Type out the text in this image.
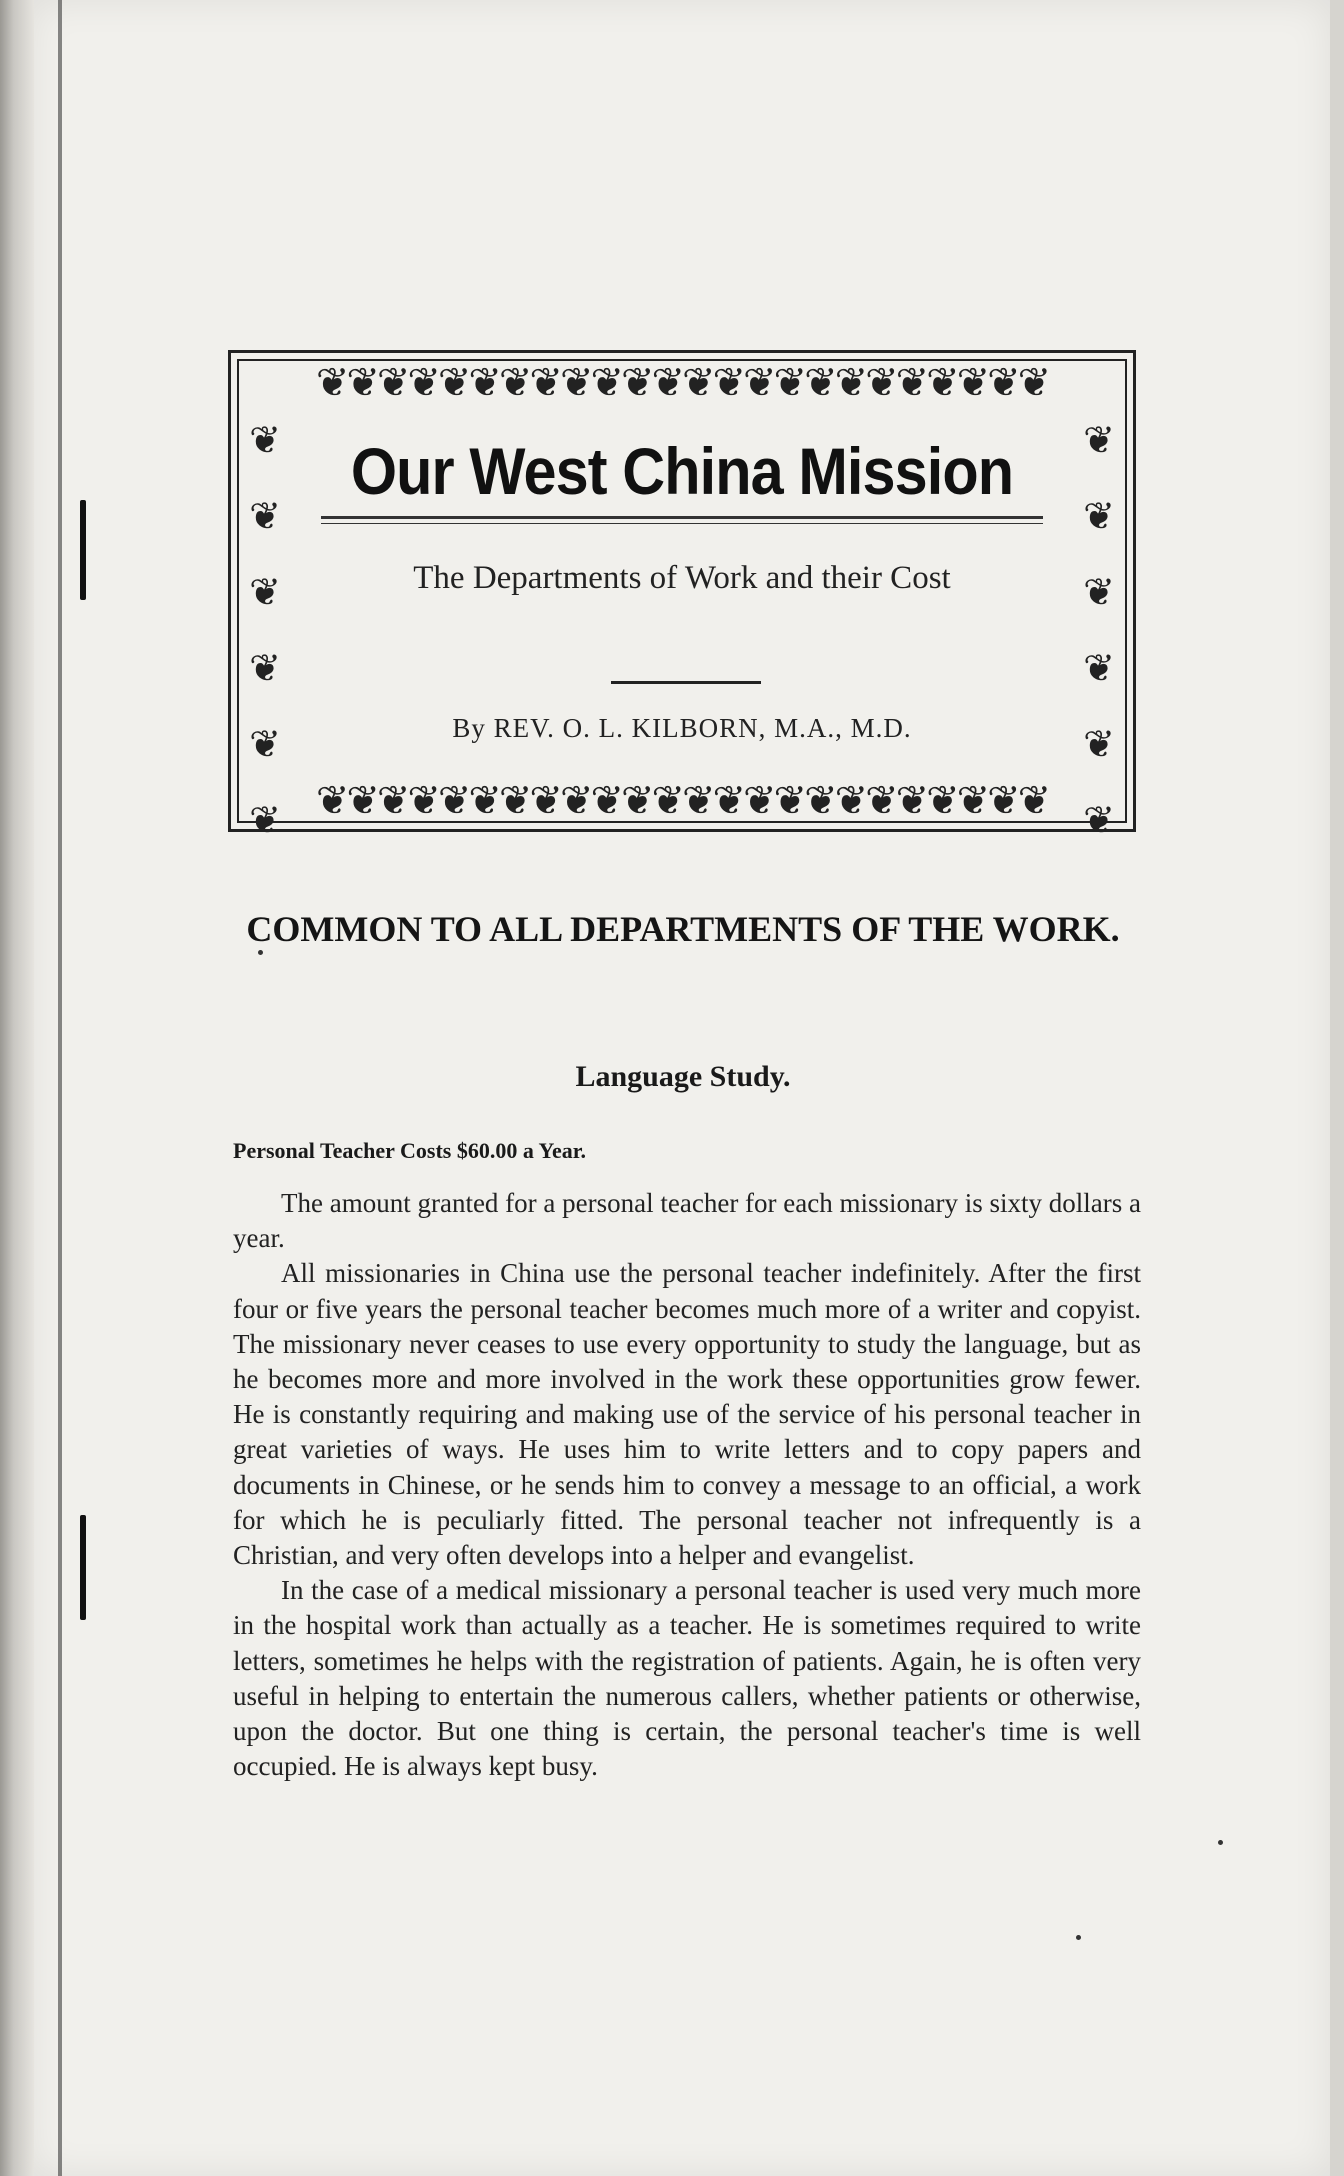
❦❦❦❦❦❦❦❦❦❦❦❦❦❦❦❦❦❦❦❦❦❦❦❦
❦❦❦❦❦❦❦❦❦❦❦❦❦❦❦❦❦❦❦❦❦❦❦❦
❦❦❦❦❦❦
❦❦❦❦❦❦
Our West China Mission
The Departments of Work and their Cost
By REV. O. L. KILBORN, M.A., M.D.
COMMON TO ALL DEPARTMENTS OF THE WORK.
Language Study.
Personal Teacher Costs $60.00 a Year.

The amount granted for a personal teacher for each missionary is sixty dollars a year.

All missionaries in China use the personal teacher indefinitely. After the first four or five years the personal teacher becomes much more of a writer and copyist. The missionary never ceases to use every opportunity to study the language, but as he becomes more and more involved in the work these opportunities grow fewer. He is constantly requiring and making use of the service of his personal teacher in great varieties of ways. He uses him to write letters and to copy papers and documents in Chinese, or he sends him to convey a message to an official, a work for which he is peculiarly fitted. The personal teacher not infrequently is a Christian, and very often develops into a helper and evangelist.

In the case of a medical missionary a personal teacher is used very much more in the hospital work than actually as a teacher. He is sometimes required to write letters, sometimes he helps with the registration of patients. Again, he is often very useful in helping to entertain the numerous callers, whether patients or otherwise, upon the doctor. But one thing is certain, the personal teacher's time is well occupied. He is always kept busy.
